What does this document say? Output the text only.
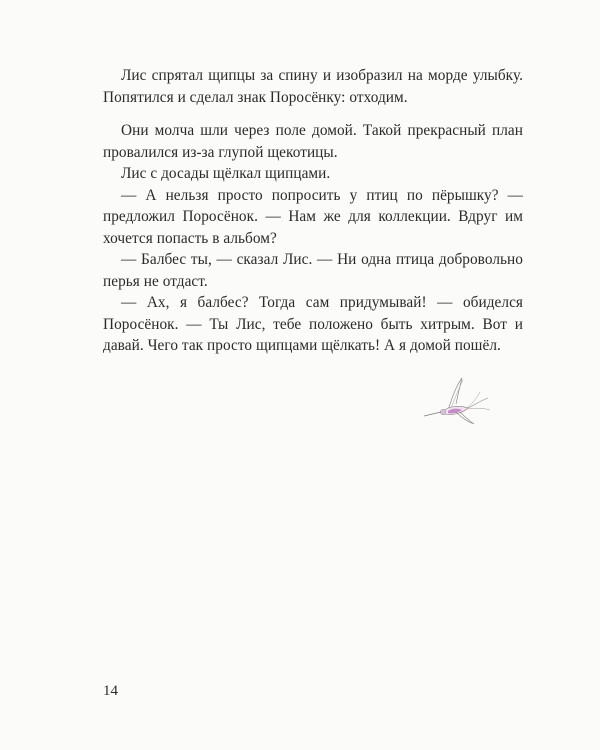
Лис спрятал щипцы за спину и изобразил на морде улыбку. Попятился и сделал знак Поросёнку: отходим.

Они молча шли через поле домой. Такой прекрасный план провалился из-за глупой щекотицы.

Лис с досады щёлкал щипцами.

— А нельзя просто попросить у птиц по пёрышку? — предложил Поросёнок. — Нам же для коллекции. Вдруг им хочется попасть в альбом?

— Балбес ты, — сказал Лис. — Ни одна птица добровольно перья не отдаст.

— Ах, я балбес? Тогда сам придумывай! — обиделся Поросёнок. — Ты Лис, тебе положено быть хитрым. Вот и давай. Чего так просто щипцами щёлкать! А я домой пошёл.

14
